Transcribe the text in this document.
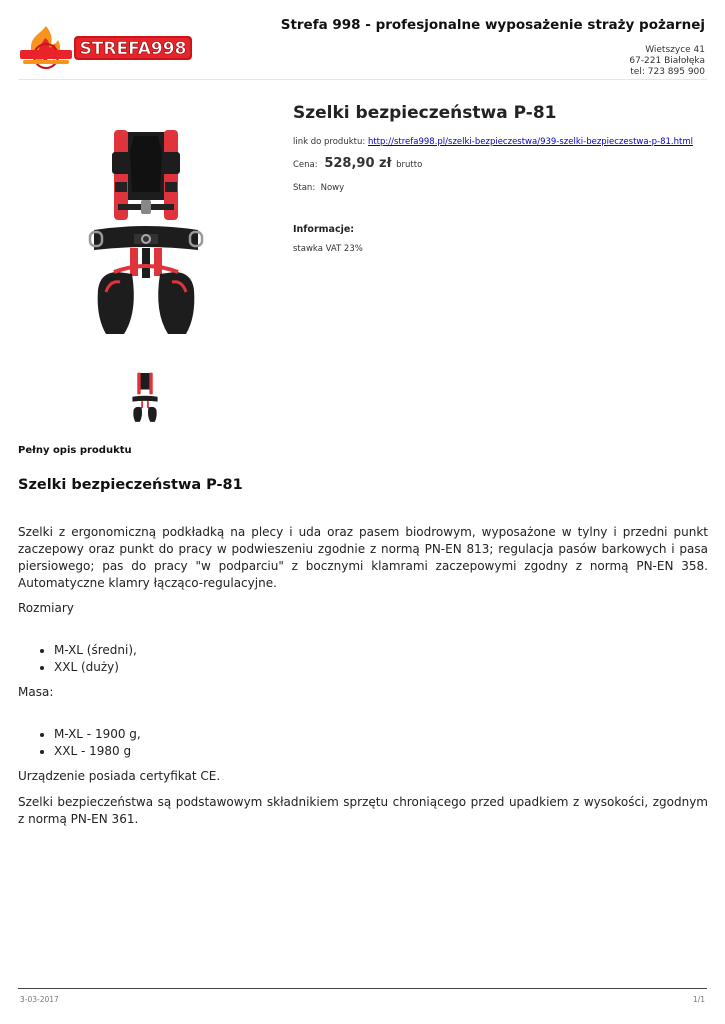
STREFA998
Strefa 998 - profesjonalne wyposażenie straży pożarnej
Wietszyce 41
67-221 Białołęka
tel: 723 895 900
Szelki bezpieczeństwa P-81
link do produktu: http://strefa998.pl/szelki-bezpieczestwa/939-szelki-bezpieczestwa-p-81.html
Cena: 528,90 zł brutto
Stan: Nowy
Informacje:
stawka VAT 23%
Pełny opis produktu
Szelki bezpieczeństwa P-81

Szelki z ergonomiczną podkładką na plecy i uda oraz pasem biodrowym, wyposażone w tylny i przedni punkt zaczepowy oraz punkt do pracy w podwieszeniu zgodnie z normą PN-EN 813; regulacja pasów barkowych i pasa piersiowego; pas do pracy "w podparciu" z bocznymi klamrami zaczepowymi zgodny z normą PN-EN 358. Automatyczne klamry łącząco-regulacyjne.

Rozmiary

• M-XL (średni),
• XXL (duży)

Masa:

• M-XL - 1900 g,
• XXL - 1980 g

Urządzenie posiada certyfikat CE.

Szelki bezpieczeństwa są podstawowym składnikiem sprzętu chroniącego przed upadkiem z wysokości, zgodnym z normą PN-EN 361.

3-03-2017	1/1
